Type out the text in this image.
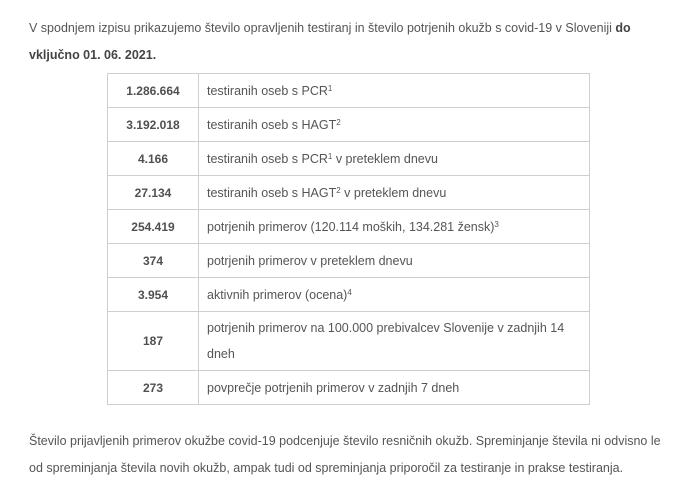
V spodnjem izpisu prikazujemo število opravljenih testiranj in število potrjenih okužb s covid-19 v Sloveniji do vključno 01. 06. 2021.

1.286.664	testiranih oseb s PCR$^1$
3.192.018	testiranih oseb s HAGT$^2$
4.166	testiranih oseb s PCR$^1$ v preteklem dnevu
27.134	testiranih oseb s HAGT$^2$ v preteklem dnevu
254.419	potrjenih primerov (120.114 moških, 134.281 žensk)$^3$
374	potrjenih primerov v preteklem dnevu
3.954	aktivnih primerov (ocena)$^4$
187	potrjenih primerov na 100.000 prebivalcev Slovenije v zadnjih 14 dneh
273	povprečje potrjenih primerov v zadnjih 7 dneh

Število prijavljenih primerov okužbe covid-19 podcenjuje število resničnih okužb. Spreminjanje števila ni odvisno le od spreminjanja števila novih okužb, ampak tudi od spreminjanja priporočil za testiranje in prakse testiranja.
